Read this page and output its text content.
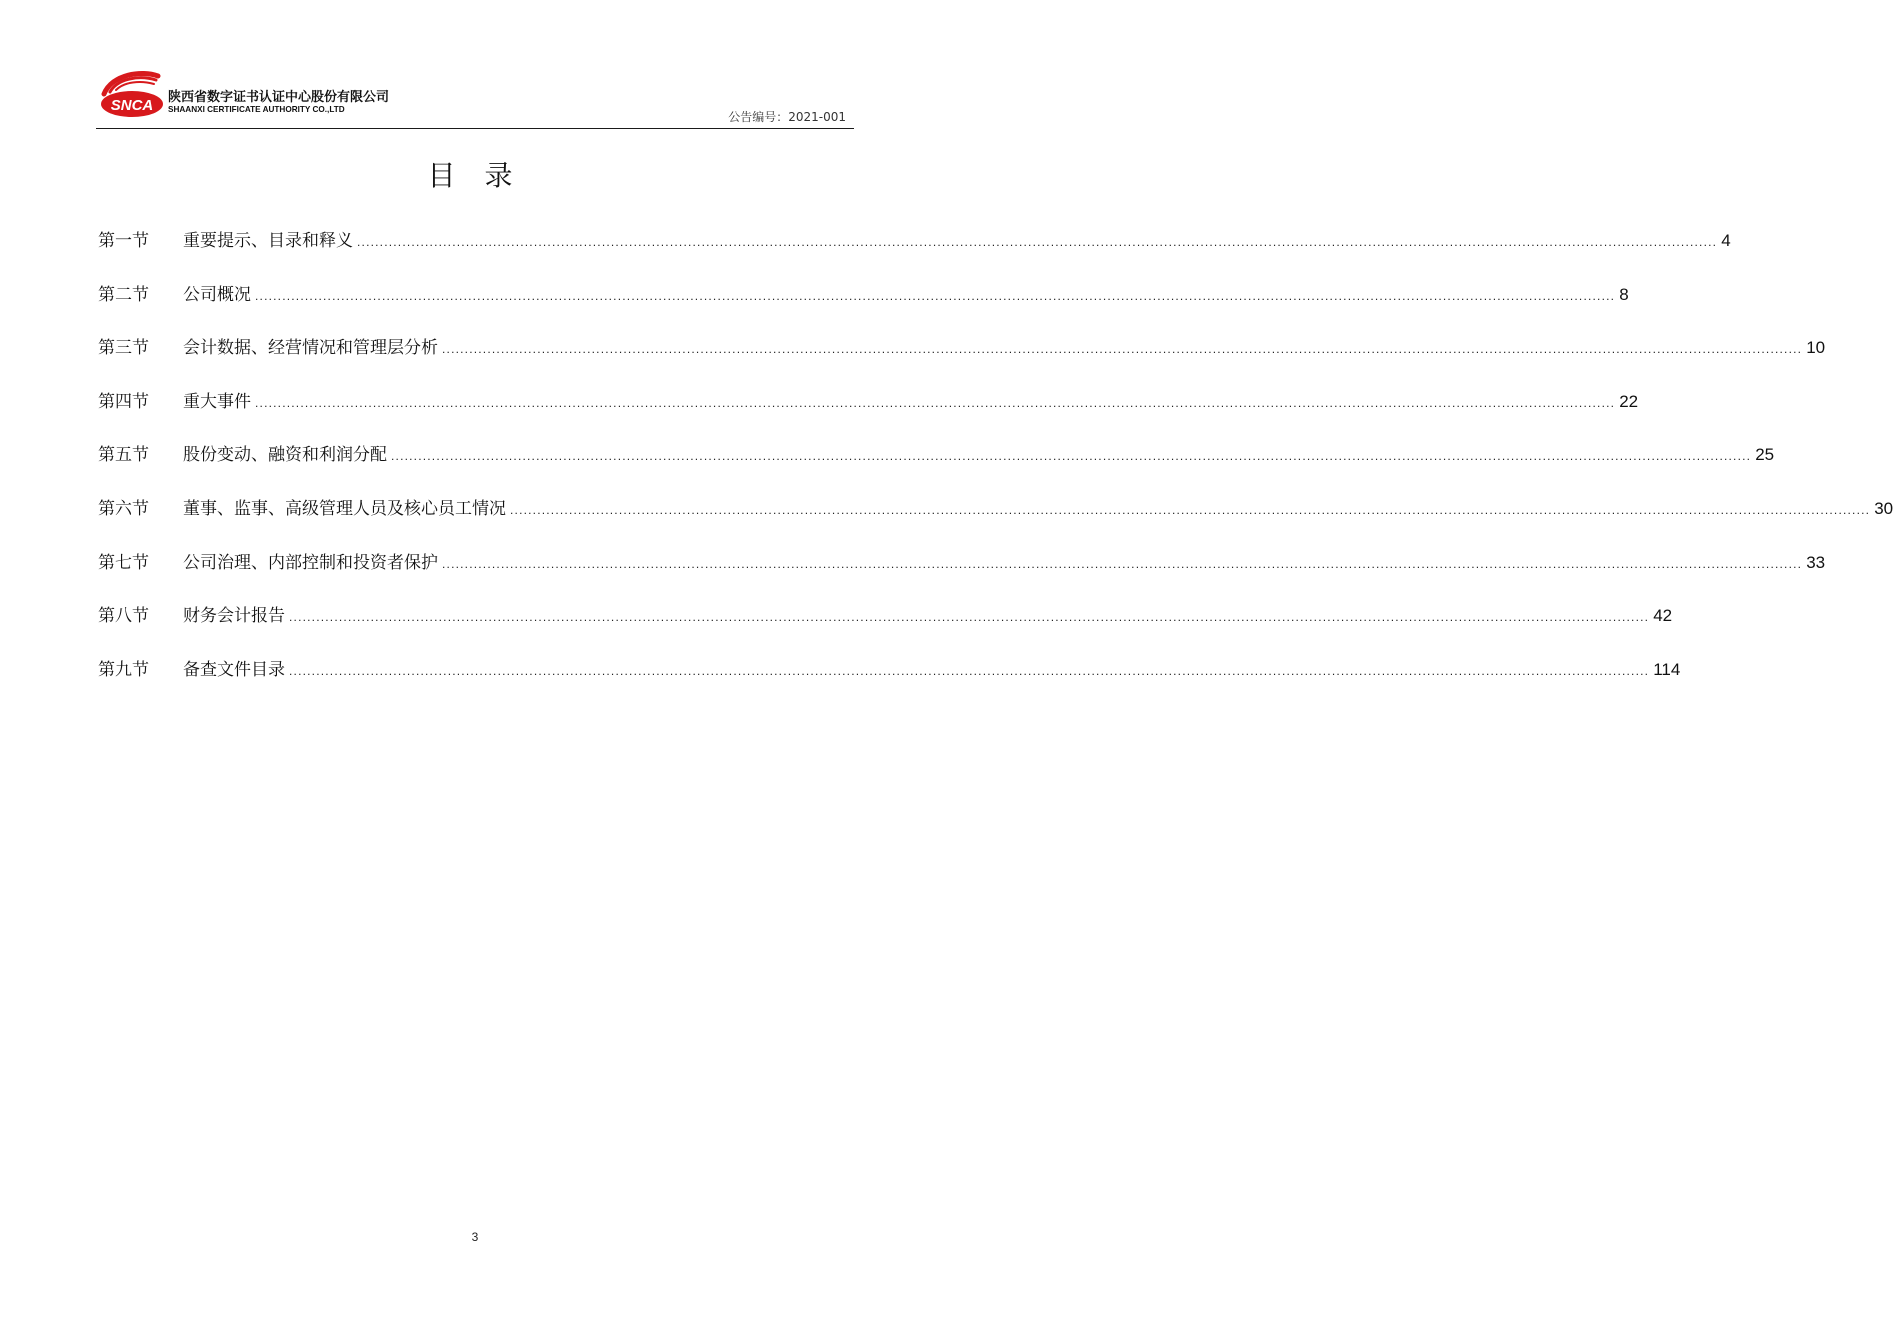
SNCA 陕西省数字证书认证中心股份有限公司
SHAANXI CERTIFICATE AUTHORITY CO.,LTD
公告编号：2021-001
目 录
第一节	重要提示、目录和释义 ............................................................................................................................................................................................................................................................................................................ 4
第二节	公司概况 ............................................................................................................................................................................................................................................................................................................ 8
第三节	会计数据、经营情况和管理层分析 ............................................................................................................................................................................................................................................................................................................ 10
第四节	重大事件 ............................................................................................................................................................................................................................................................................................................ 22
第五节	股份变动、融资和利润分配 ............................................................................................................................................................................................................................................................................................................ 25
第六节	董事、监事、高级管理人员及核心员工情况 ............................................................................................................................................................................................................................................................................................................ 30
第七节	公司治理、内部控制和投资者保护 ............................................................................................................................................................................................................................................................................................................ 33
第八节	财务会计报告 ............................................................................................................................................................................................................................................................................................................ 42
第九节	备查文件目录 ............................................................................................................................................................................................................................................................................................................ 114
3
